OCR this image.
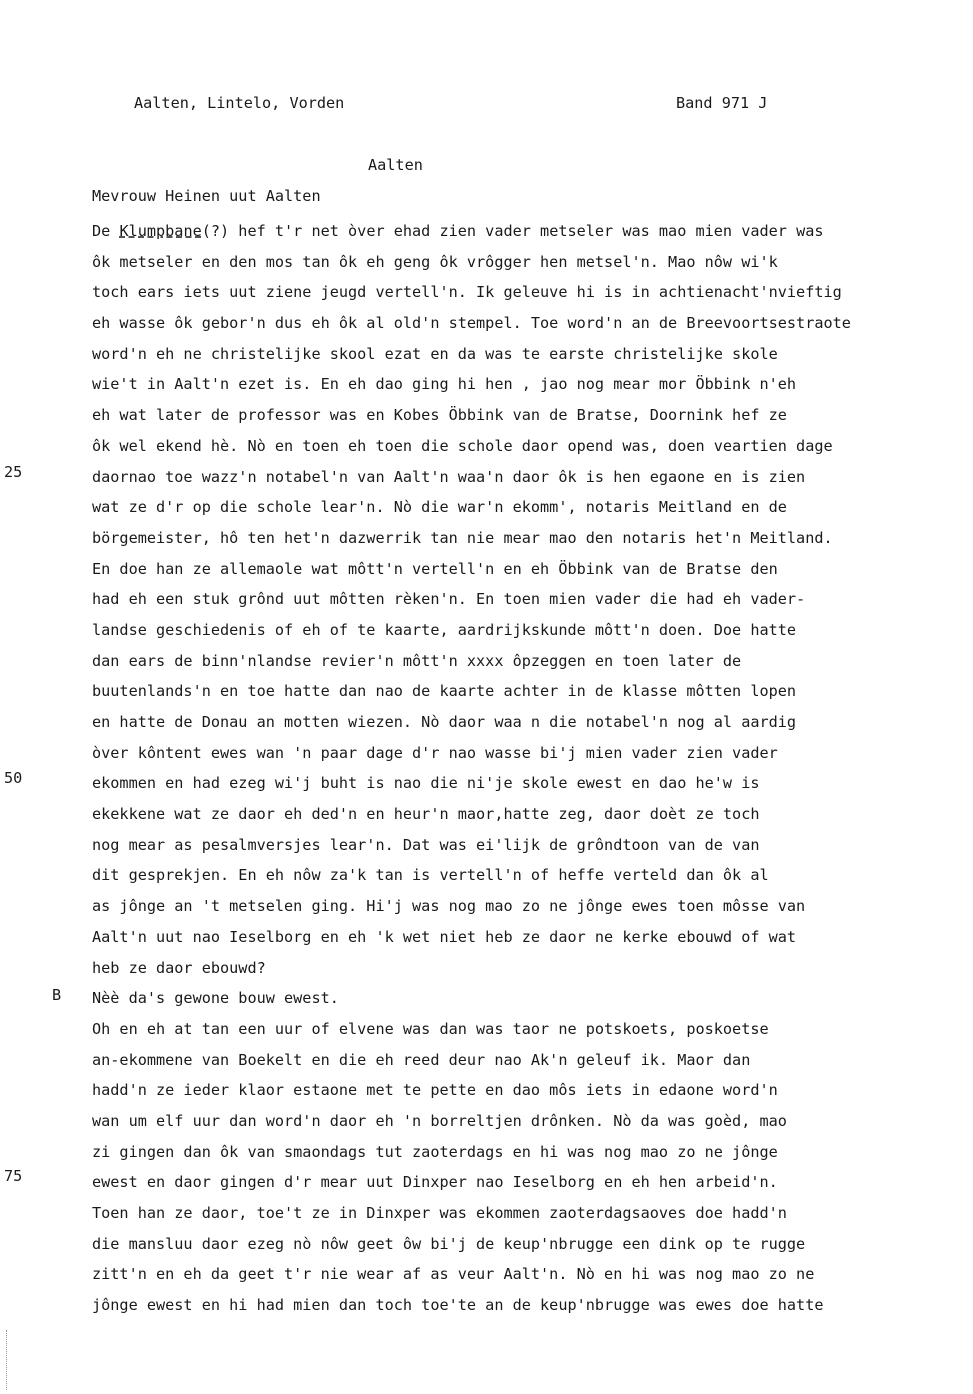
Aalten, Lintelo, Vorden	Band 971 J
Aalten
Mevrouw Heinen uut Aalten
25
50
75
B
De Klumpbane(?) hef t'r net òver ehad zien vader metseler was mao mien vader was
ôk metseler en den mos tan ôk eh geng ôk vrôgger hen metsel'n. Mao nôw wi'k
toch ears iets uut ziene jeugd vertell'n. Ik geleuve hi is in achtienacht'nvieftig
eh wasse ôk gebor'n dus eh ôk al old'n stempel. Toe word'n an de Breevoortsestraote
word'n eh ne christelijke skool ezat en da was te earste christelijke skole
wie't in Aalt'n ezet is. En eh dao ging hi hen , jao nog mear mor Öbbink n'eh
eh wat later de professor was en Kobes Öbbink van de Bratse, Doornink hef ze
ôk wel ekend hè. Nò en toen eh toen die schole daor opend was, doen veartien dage
daornao toe wazz'n notabel'n van Aalt'n waa'n daor ôk is hen egaone en is zien
wat ze d'r op die schole lear'n. Nò die war'n ekomm', notaris Meitland en de
börgemeister, hô ten het'n dazwerrik tan nie mear mao den notaris het'n Meitland.
En doe han ze allemaole wat môtt'n vertell'n en eh Öbbink van de Bratse den
had eh een stuk grônd uut môtten rèken'n. En toen mien vader die had eh vader-
landse geschiedenis of eh of te kaarte, aardrijkskunde môtt'n doen. Doe hatte
dan ears de binn'nlandse revier'n môtt'n xxxx ôpzeggen en toen later de
buutenlands'n en toe hatte dan nao de kaarte achter in de klasse môtten lopen
en hatte de Donau an motten wiezen. Nò daor waa n die notabel'n nog al aardig
òver kôntent ewes wan 'n paar dage d'r nao wasse bi'j mien vader zien vader
ekommen en had ezeg wi'j buht is nao die ni'je skole ewest en dao he'w is
ekekkene wat ze daor eh ded'n en heur'n maor,hatte zeg, daor doèt ze toch
nog mear as pesalmversjes lear'n. Dat was ei'lijk de grôndtoon van de van
dit gesprekjen. En eh nôw za'k tan is vertell'n of heffe verteld dan ôk al
as jônge an 't metselen ging. Hi'j was nog mao zo ne jônge ewes toen môsse van
Aalt'n uut nao Ieselborg en eh 'k wet niet heb ze daor ne kerke ebouwd of wat
heb ze daor ebouwd?
Nèè da's gewone bouw ewest.
Oh en eh at tan een uur of elvene was dan was taor ne potskoets, poskoetse
an-ekommene van Boekelt en die eh reed deur nao Ak'n geleuf ik. Maor dan
hadd'n ze ieder klaor estaone met te pette en dao môs iets in edaone word'n
wan um elf uur dan word'n daor eh 'n borreltjen drônken. Nò da was goèd, mao
zi gingen dan ôk van smaondags tut zaoterdags en hi was nog mao zo ne jônge
ewest en daor gingen d'r mear uut Dinxper nao Ieselborg en eh hen arbeid'n.
Toen han ze daor, toe't ze in Dinxper was ekommen zaoterdagsaoves doe hadd'n
die mansluu daor ezeg nò nôw geet ôw bi'j de keup'nbrugge een dink op te rugge
zitt'n en eh da geet t'r nie wear af as veur Aalt'n. Nò en hi was nog mao zo ne
jônge ewest en hi had mien dan toch toe'te an de keup'nbrugge was ewes doe hatte
